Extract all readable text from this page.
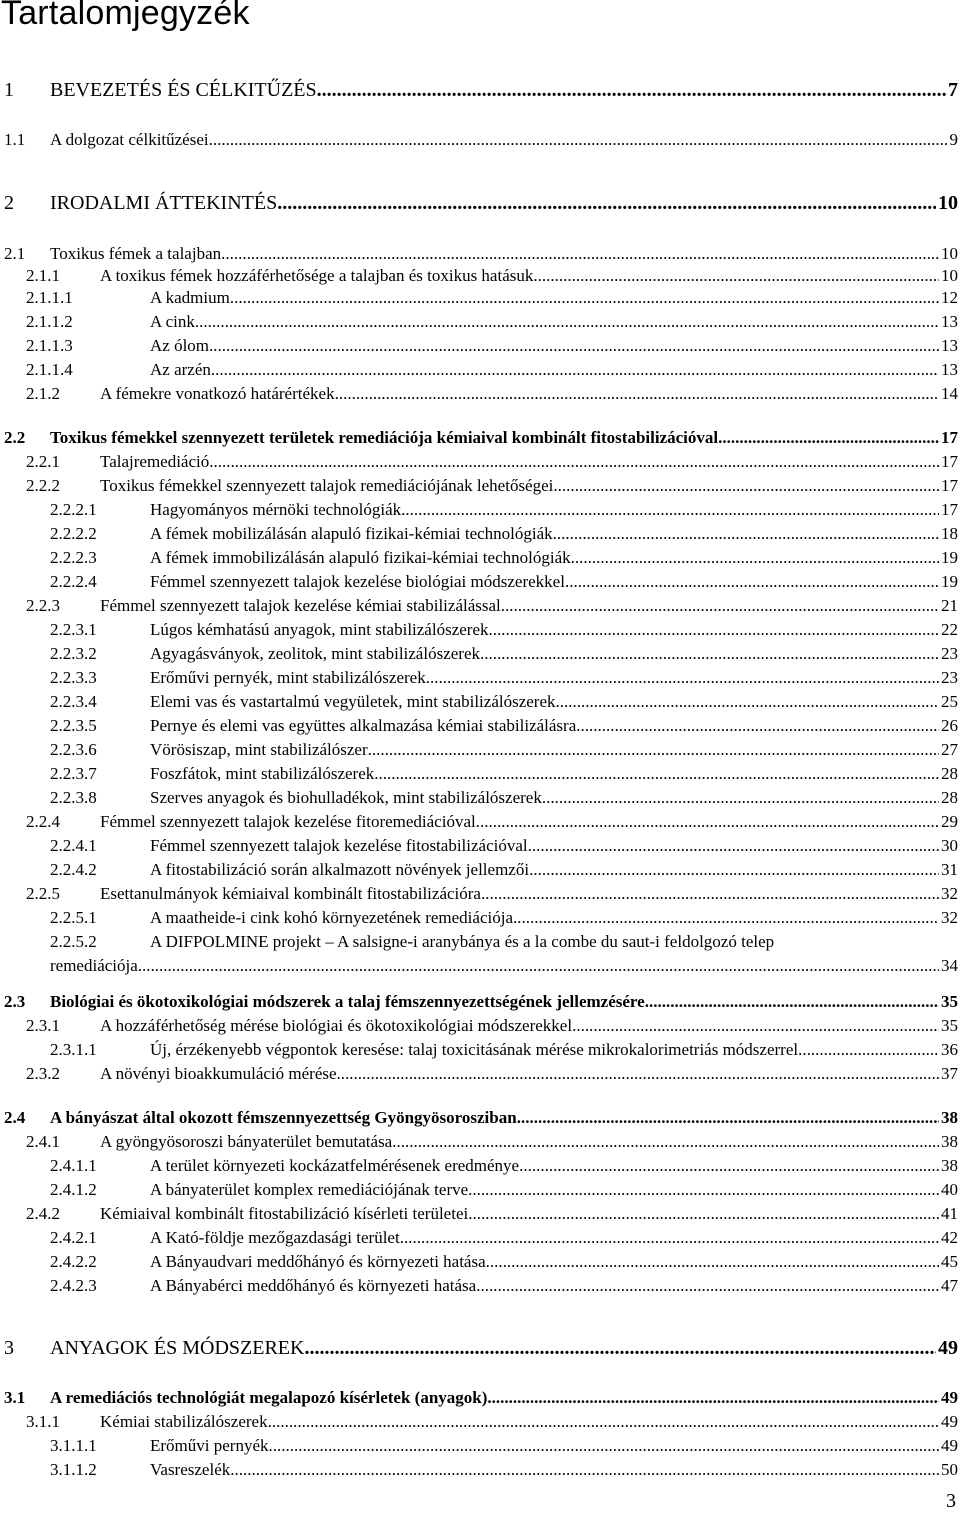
Tartalomjegyzék
1 BEVEZETÉS ÉS CÉLKITŰZÉS .....	7
1.1 A dolgozat célkitűzései .....	9
2 IRODALMI ÁTTEKINTÉS .....	10
2.1 Toxikus fémek a talajban .....	10
2.1.1 A toxikus fémek hozzáférhetősége a talajban és toxikus hatásuk .....	10
2.1.1.1	A kadmium .....	12
2.1.1.2	A cink .....	13
2.1.1.3	Az ólom .....	13
2.1.1.4	Az arzén .....	13
2.1.2 A fémekre vonatkozó határértékek .....	14
2.2 Toxikus fémekkel szennyezett területek remediációja kémiaival kombinált fitostabilizációval .....	17
2.2.1 Talajremediáció .....	17
2.2.2 Toxikus fémekkel szennyezett talajok remediációjának lehetőségei .....	17
2.2.2.1	Hagyományos mérnöki technológiák .....	17
2.2.2.2	A fémek mobilizálásán alapuló fizikai-kémiai technológiák .....	18
2.2.2.3	A fémek immobilizálásán alapuló fizikai-kémiai technológiák .....	19
2.2.2.4	Fémmel szennyezett talajok kezelése biológiai módszerekkel .....	19
2.2.3 Fémmel szennyezett talajok kezelése kémiai stabilizálással .....	21
2.2.3.1	Lúgos kémhatású anyagok, mint stabilizálószerek .....	22
2.2.3.2	Agyagásványok, zeolitok, mint stabilizálószerek .....	23
2.2.3.3	Erőművi pernyék, mint stabilizálószerek .....	23
2.2.3.4	Elemi vas és vastartalmú vegyületek, mint stabilizálószerek .....	25
2.2.3.5	Pernye és elemi vas együttes alkalmazása kémiai stabilizálásra .....	26
2.2.3.6	Vörösiszap, mint stabilizálószer .....	27
2.2.3.7	Foszfátok, mint stabilizálószerek .....	28
2.2.3.8	Szerves anyagok és biohulladékok, mint stabilizálószerek .....	28
2.2.4 Fémmel szennyezett talajok kezelése fitoremediációval .....	29
2.2.4.1	Fémmel szennyezett talajok kezelése fitostabilizációval .....	30
2.2.4.2	A fitostabilizáció során alkalmazott növények jellemzői .....	31
2.2.5 Esettanulmányok kémiaival kombinált fitostabilizációra .....	32
2.2.5.1	A maatheide-i cink kohó környezetének remediációja .....	32
2.2.5.2	A DIFPOLMINE projekt – A salsigne-i aranybánya és a la combe du saut-i feldolgozó telep
remediációja .....	34
2.3 Biológiai és ökotoxikológiai módszerek a talaj fémszennyezettségének jellemzésére .....	35
2.3.1 A hozzáférhetőség mérése biológiai és ökotoxikológiai módszerekkel .....	35
2.3.1.1	Új, érzékenyebb végpontok keresése: talaj toxicitásának mérése mikrokalorimetriás módszerrel .....	36
2.3.2 A növényi bioakkumuláció mérése .....	37
2.4 A bányászat által okozott fémszennyezettség Gyöngyösorosziban .....	38
2.4.1 A gyöngyösoroszi bányaterület bemutatása .....	38
2.4.1.1	A terület környezeti kockázatfelmérésenek eredménye .....	38
2.4.1.2	A bányaterület komplex remediációjának terve .....	40
2.4.2 Kémiaival kombinált fitostabilizáció kísérleti területei .....	41
2.4.2.1	A Kató-földje mezőgazdasági terület .....	42
2.4.2.2	A Bányaudvari meddőhányó és környezeti hatása .....	45
2.4.2.3	A Bányabérci meddőhányó és környezeti hatása .....	47
3 ANYAGOK ÉS MÓDSZEREK .....	49
3.1 A remediációs technológiát megalapozó kísérletek (anyagok) .....	49
3.1.1 Kémiai stabilizálószerek .....	49
3.1.1.1	Erőművi pernyék .....	49
3.1.1.2	Vasreszelék .....	50
3
